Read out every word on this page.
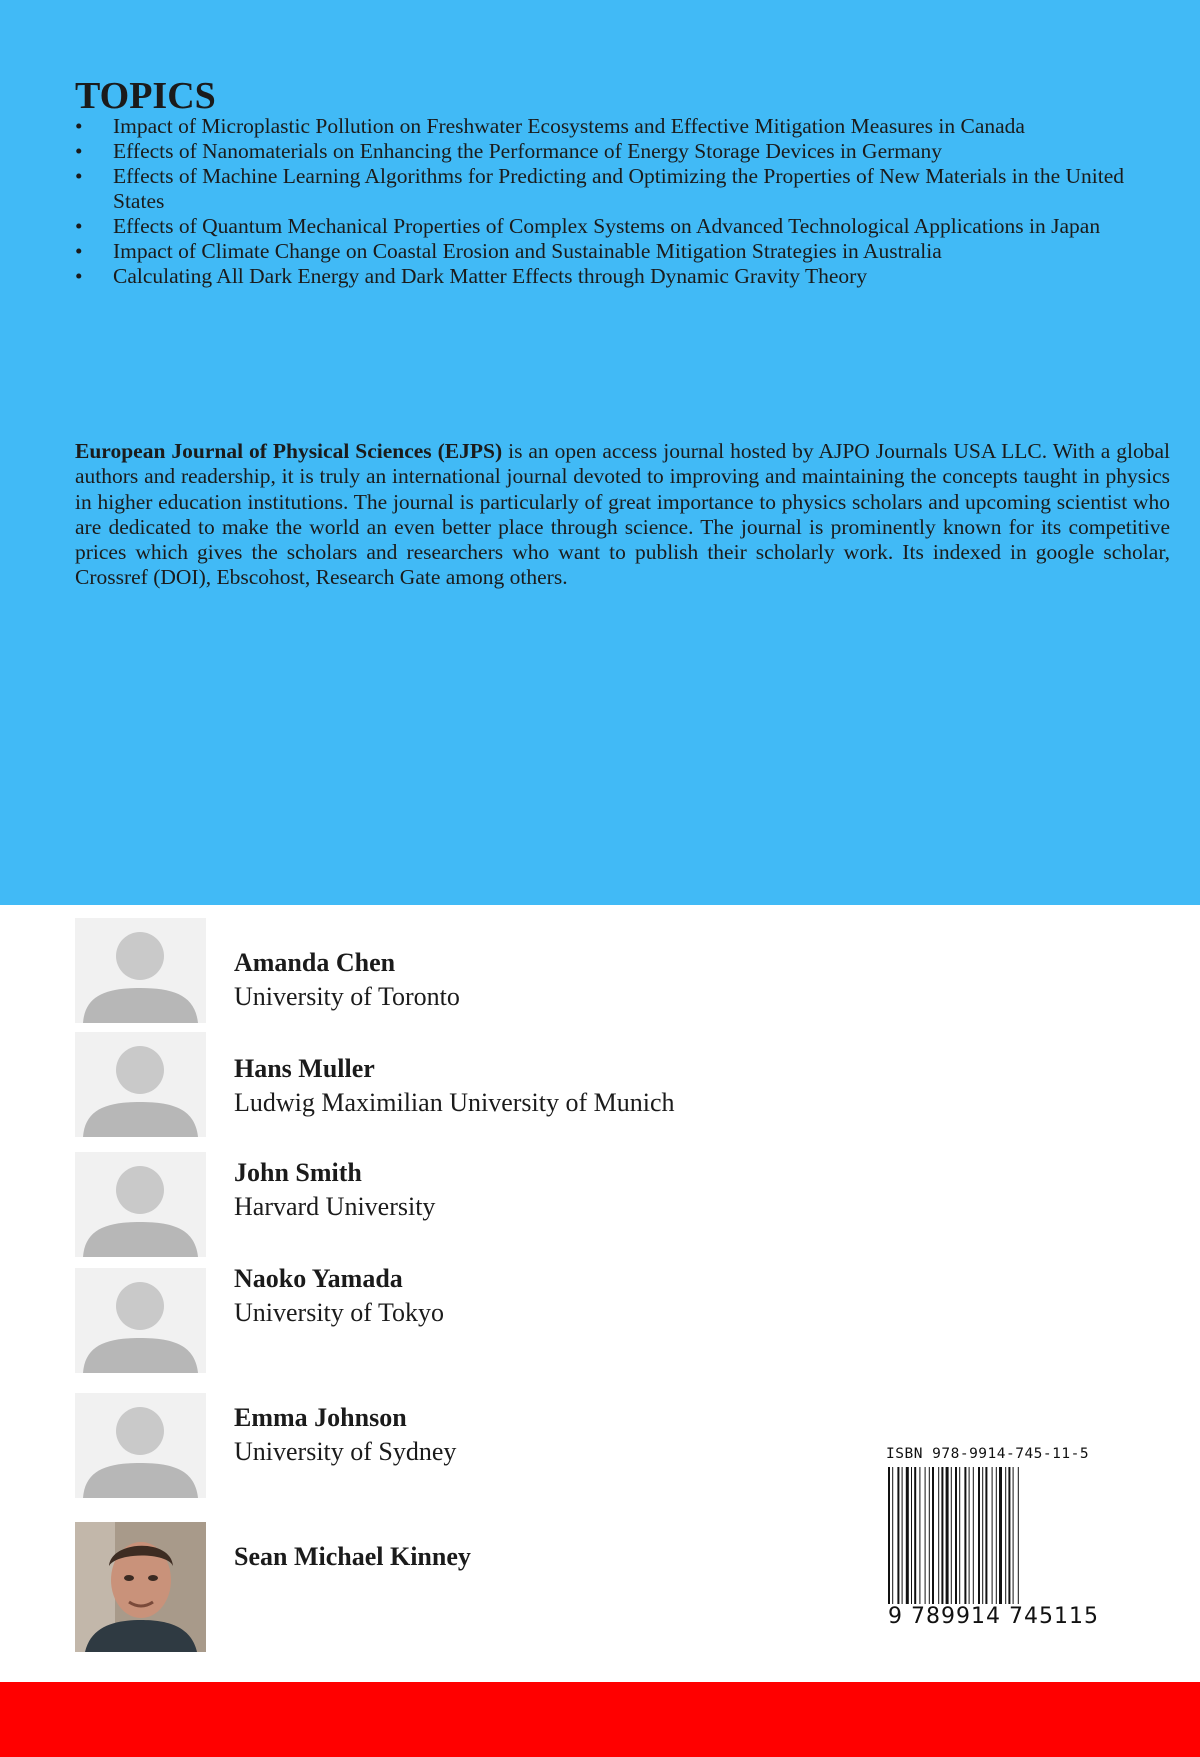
TOPICS
•	Impact of Microplastic Pollution on Freshwater Ecosystems and Effective Mitigation Measures in Canada
•	Effects of Nanomaterials on Enhancing the Performance of Energy Storage Devices in Germany
•	Effects of Machine Learning Algorithms for Predicting and Optimizing the Properties of New Materials in the United States
•	Effects of Quantum Mechanical Properties of Complex Systems on Advanced Technological Applications in Japan
•	Impact of Climate Change on Coastal Erosion and Sustainable Mitigation Strategies in Australia
•	Calculating All Dark Energy and Dark Matter Effects through Dynamic Gravity Theory

European Journal of Physical Sciences (EJPS) is an open access journal hosted by AJPO Journals USA LLC. With a global authors and readership, it is truly an international journal devoted to improving and maintaining the concepts taught in physics in higher education institutions. The journal is particularly of great importance to physics scholars and upcoming scientist who are dedicated to make the world an even better place through science. The journal is prominently known for its competitive prices which gives the scholars and researchers who want to publish their scholarly work. Its indexed in google scholar, Crossref (DOI), Ebscohost, Research Gate among others.

Amanda Chen
University of Toronto
Hans Muller
Ludwig Maximilian University of Munich
John Smith
Harvard University
Naoko Yamada
University of Tokyo
Emma Johnson
University of Sydney
Sean Michael Kinney
ISBN 978-9914-745-11-5
9 789914 745115
